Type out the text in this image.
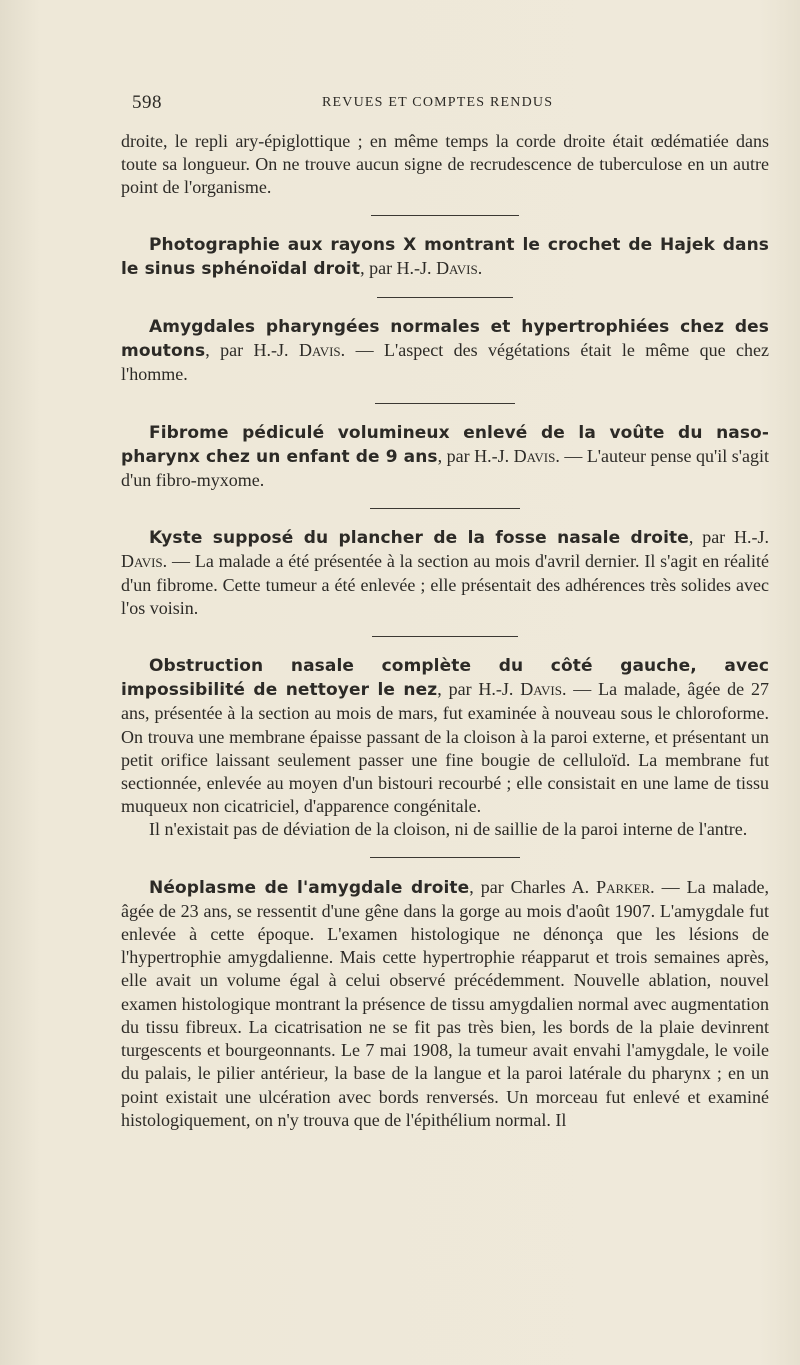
598	REVUES ET COMPTES RENDUS

droite, le repli ary-épiglottique ; en même temps la corde droite était œdématiée dans toute sa longueur. On ne trouve aucun signe de recrudescence de tuberculose en un autre point de l'organisme.

Photographie aux rayons X montrant le crochet de Hajek dans le sinus sphénoïdal droit, par H.-J. Davis.

Amygdales pharyngées normales et hypertrophiées chez des moutons, par H.-J. Davis. — L'aspect des végétations était le même que chez l'homme.

Fibrome pédiculé volumineux enlevé de la voûte du naso-pharynx chez un enfant de 9 ans, par H.-J. Davis. — L'auteur pense qu'il s'agit d'un fibro-myxome.

Kyste supposé du plancher de la fosse nasale droite, par H.-J. Davis. — La malade a été présentée à la section au mois d'avril dernier. Il s'agit en réalité d'un fibrome. Cette tumeur a été enlevée ; elle présentait des adhérences très solides avec l'os voisin.

Obstruction nasale complète du côté gauche, avec impossibilité de nettoyer le nez, par H.-J. Davis. — La malade, âgée de 27 ans, présentée à la section au mois de mars, fut examinée à nouveau sous le chloroforme. On trouva une membrane épaisse passant de la cloison à la paroi externe, et présentant un petit orifice laissant seulement passer une fine bougie de celluloïd. La membrane fut sectionnée, enlevée au moyen d'un bistouri recourbé ; elle consistait en une lame de tissu muqueux non cicatriciel, d'apparence congénitale.

Il n'existait pas de déviation de la cloison, ni de saillie de la paroi interne de l'antre.

Néoplasme de l'amygdale droite, par Charles A. Parker. — La malade, âgée de 23 ans, se ressentit d'une gêne dans la gorge au mois d'août 1907. L'amygdale fut enlevée à cette époque. L'examen histologique ne dénonça que les lésions de l'hypertrophie amygdalienne. Mais cette hypertrophie réapparut et trois semaines après, elle avait un volume égal à celui observé précédemment. Nouvelle ablation, nouvel examen histologique montrant la présence de tissu amygdalien normal avec augmentation du tissu fibreux. La cicatrisation ne se fit pas très bien, les bords de la plaie devinrent turgescents et bourgeonnants. Le 7 mai 1908, la tumeur avait envahi l'amygdale, le voile du palais, le pilier antérieur, la base de la langue et la paroi latérale du pharynx ; en un point existait une ulcération avec bords renversés. Un morceau fut enlevé et examiné histologiquement, on n'y trouva que de l'épithélium normal. Il
